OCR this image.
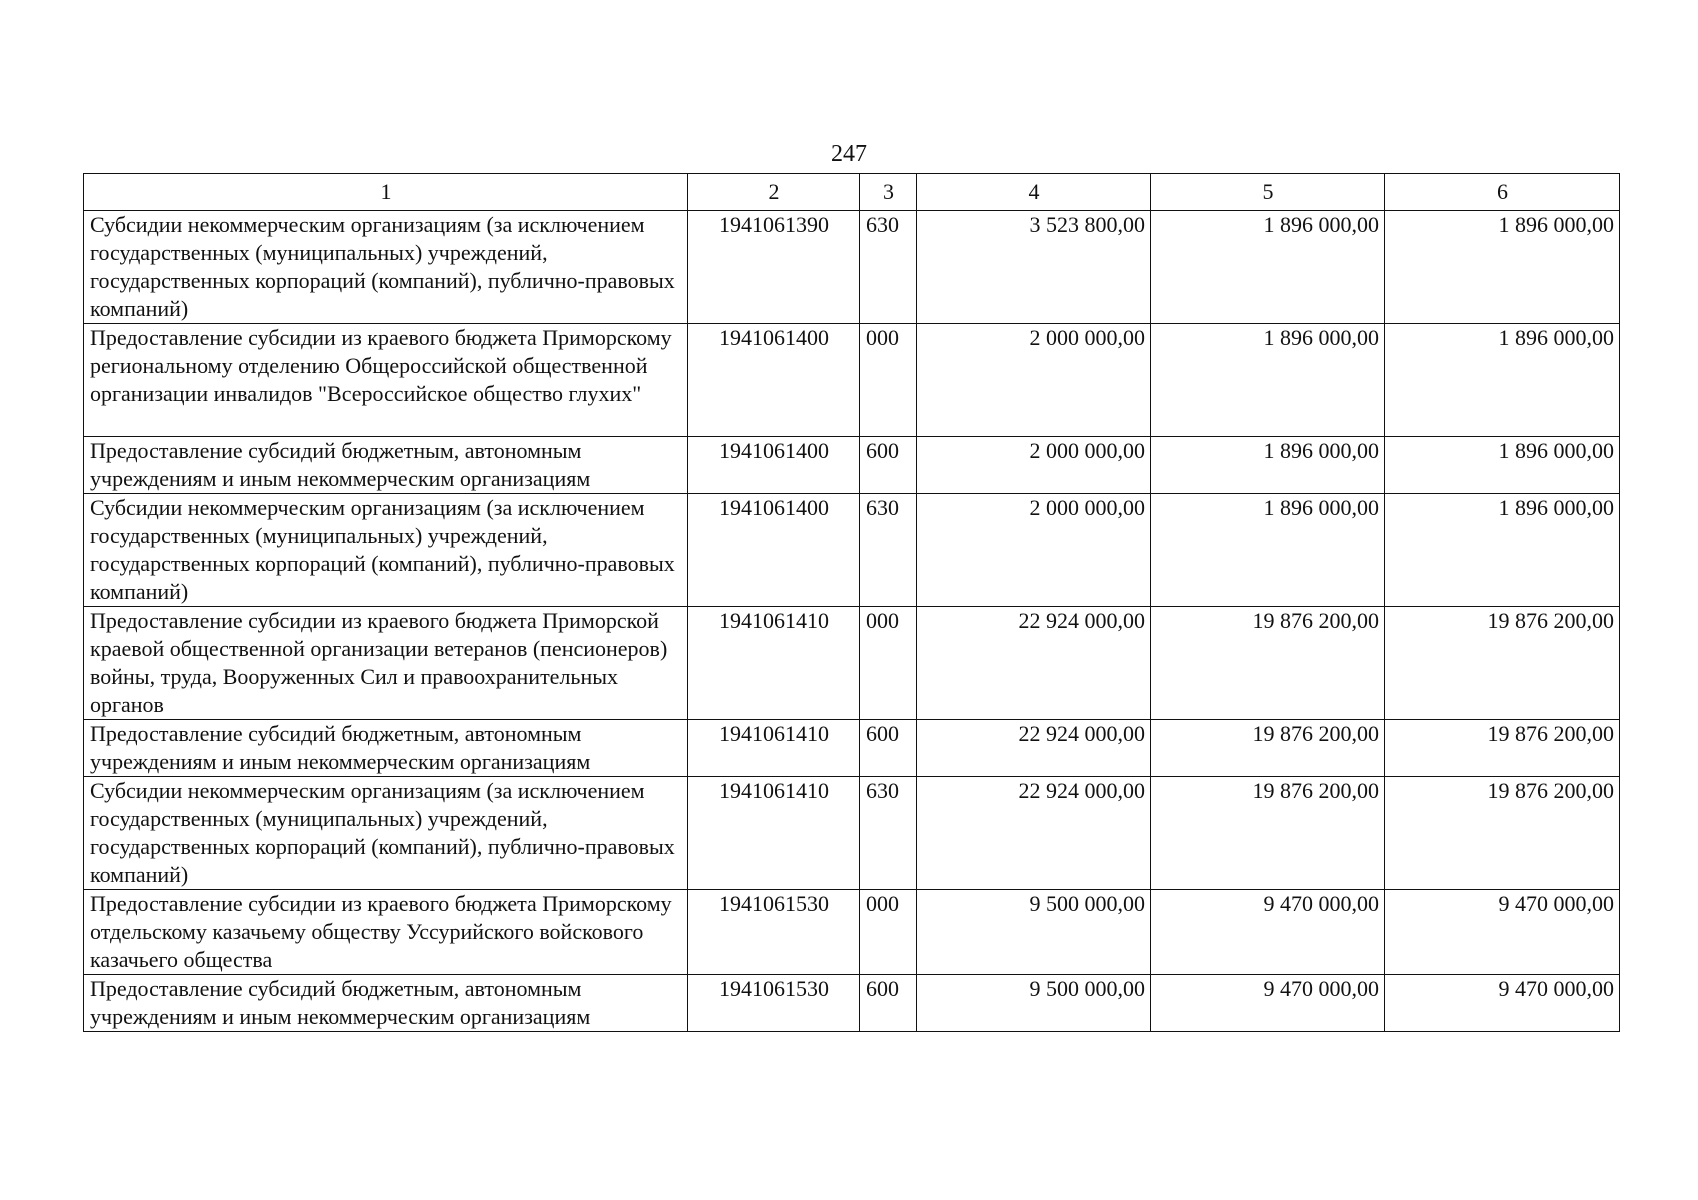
247
1	2	3	4	5	6
Субсидии некоммерческим организациям (за исключением государственных (муниципальных) учреждений, государственных корпораций (компаний), публично-правовых компаний)	1941061390	630	3 523 800,00	1 896 000,00	1 896 000,00
Предоставление субсидии из краевого бюджета Приморскому региональному отделению Общероссийской общественной организации инвалидов "Всероссийское общество глухих"	1941061400	000	2 000 000,00	1 896 000,00	1 896 000,00
Предоставление субсидий бюджетным, автономным учреждениям и иным некоммерческим организациям	1941061400	600	2 000 000,00	1 896 000,00	1 896 000,00
Субсидии некоммерческим организациям (за исключением государственных (муниципальных) учреждений, государственных корпораций (компаний), публично-правовых компаний)	1941061400	630	2 000 000,00	1 896 000,00	1 896 000,00
Предоставление субсидии из краевого бюджета Приморской краевой общественной организации ветеранов (пенсионеров) войны, труда, Вооруженных Сил и правоохранительных органов	1941061410	000	22 924 000,00	19 876 200,00	19 876 200,00
Предоставление субсидий бюджетным, автономным учреждениям и иным некоммерческим организациям	1941061410	600	22 924 000,00	19 876 200,00	19 876 200,00
Субсидии некоммерческим организациям (за исключением государственных (муниципальных) учреждений, государственных корпораций (компаний), публично-правовых компаний)	1941061410	630	22 924 000,00	19 876 200,00	19 876 200,00
Предоставление субсидии из краевого бюджета Приморскому отдельскому казачьему обществу Уссурийского войскового казачьего общества	1941061530	000	9 500 000,00	9 470 000,00	9 470 000,00
Предоставление субсидий бюджетным, автономным учреждениям и иным некоммерческим организациям	1941061530	600	9 500 000,00	9 470 000,00	9 470 000,00
